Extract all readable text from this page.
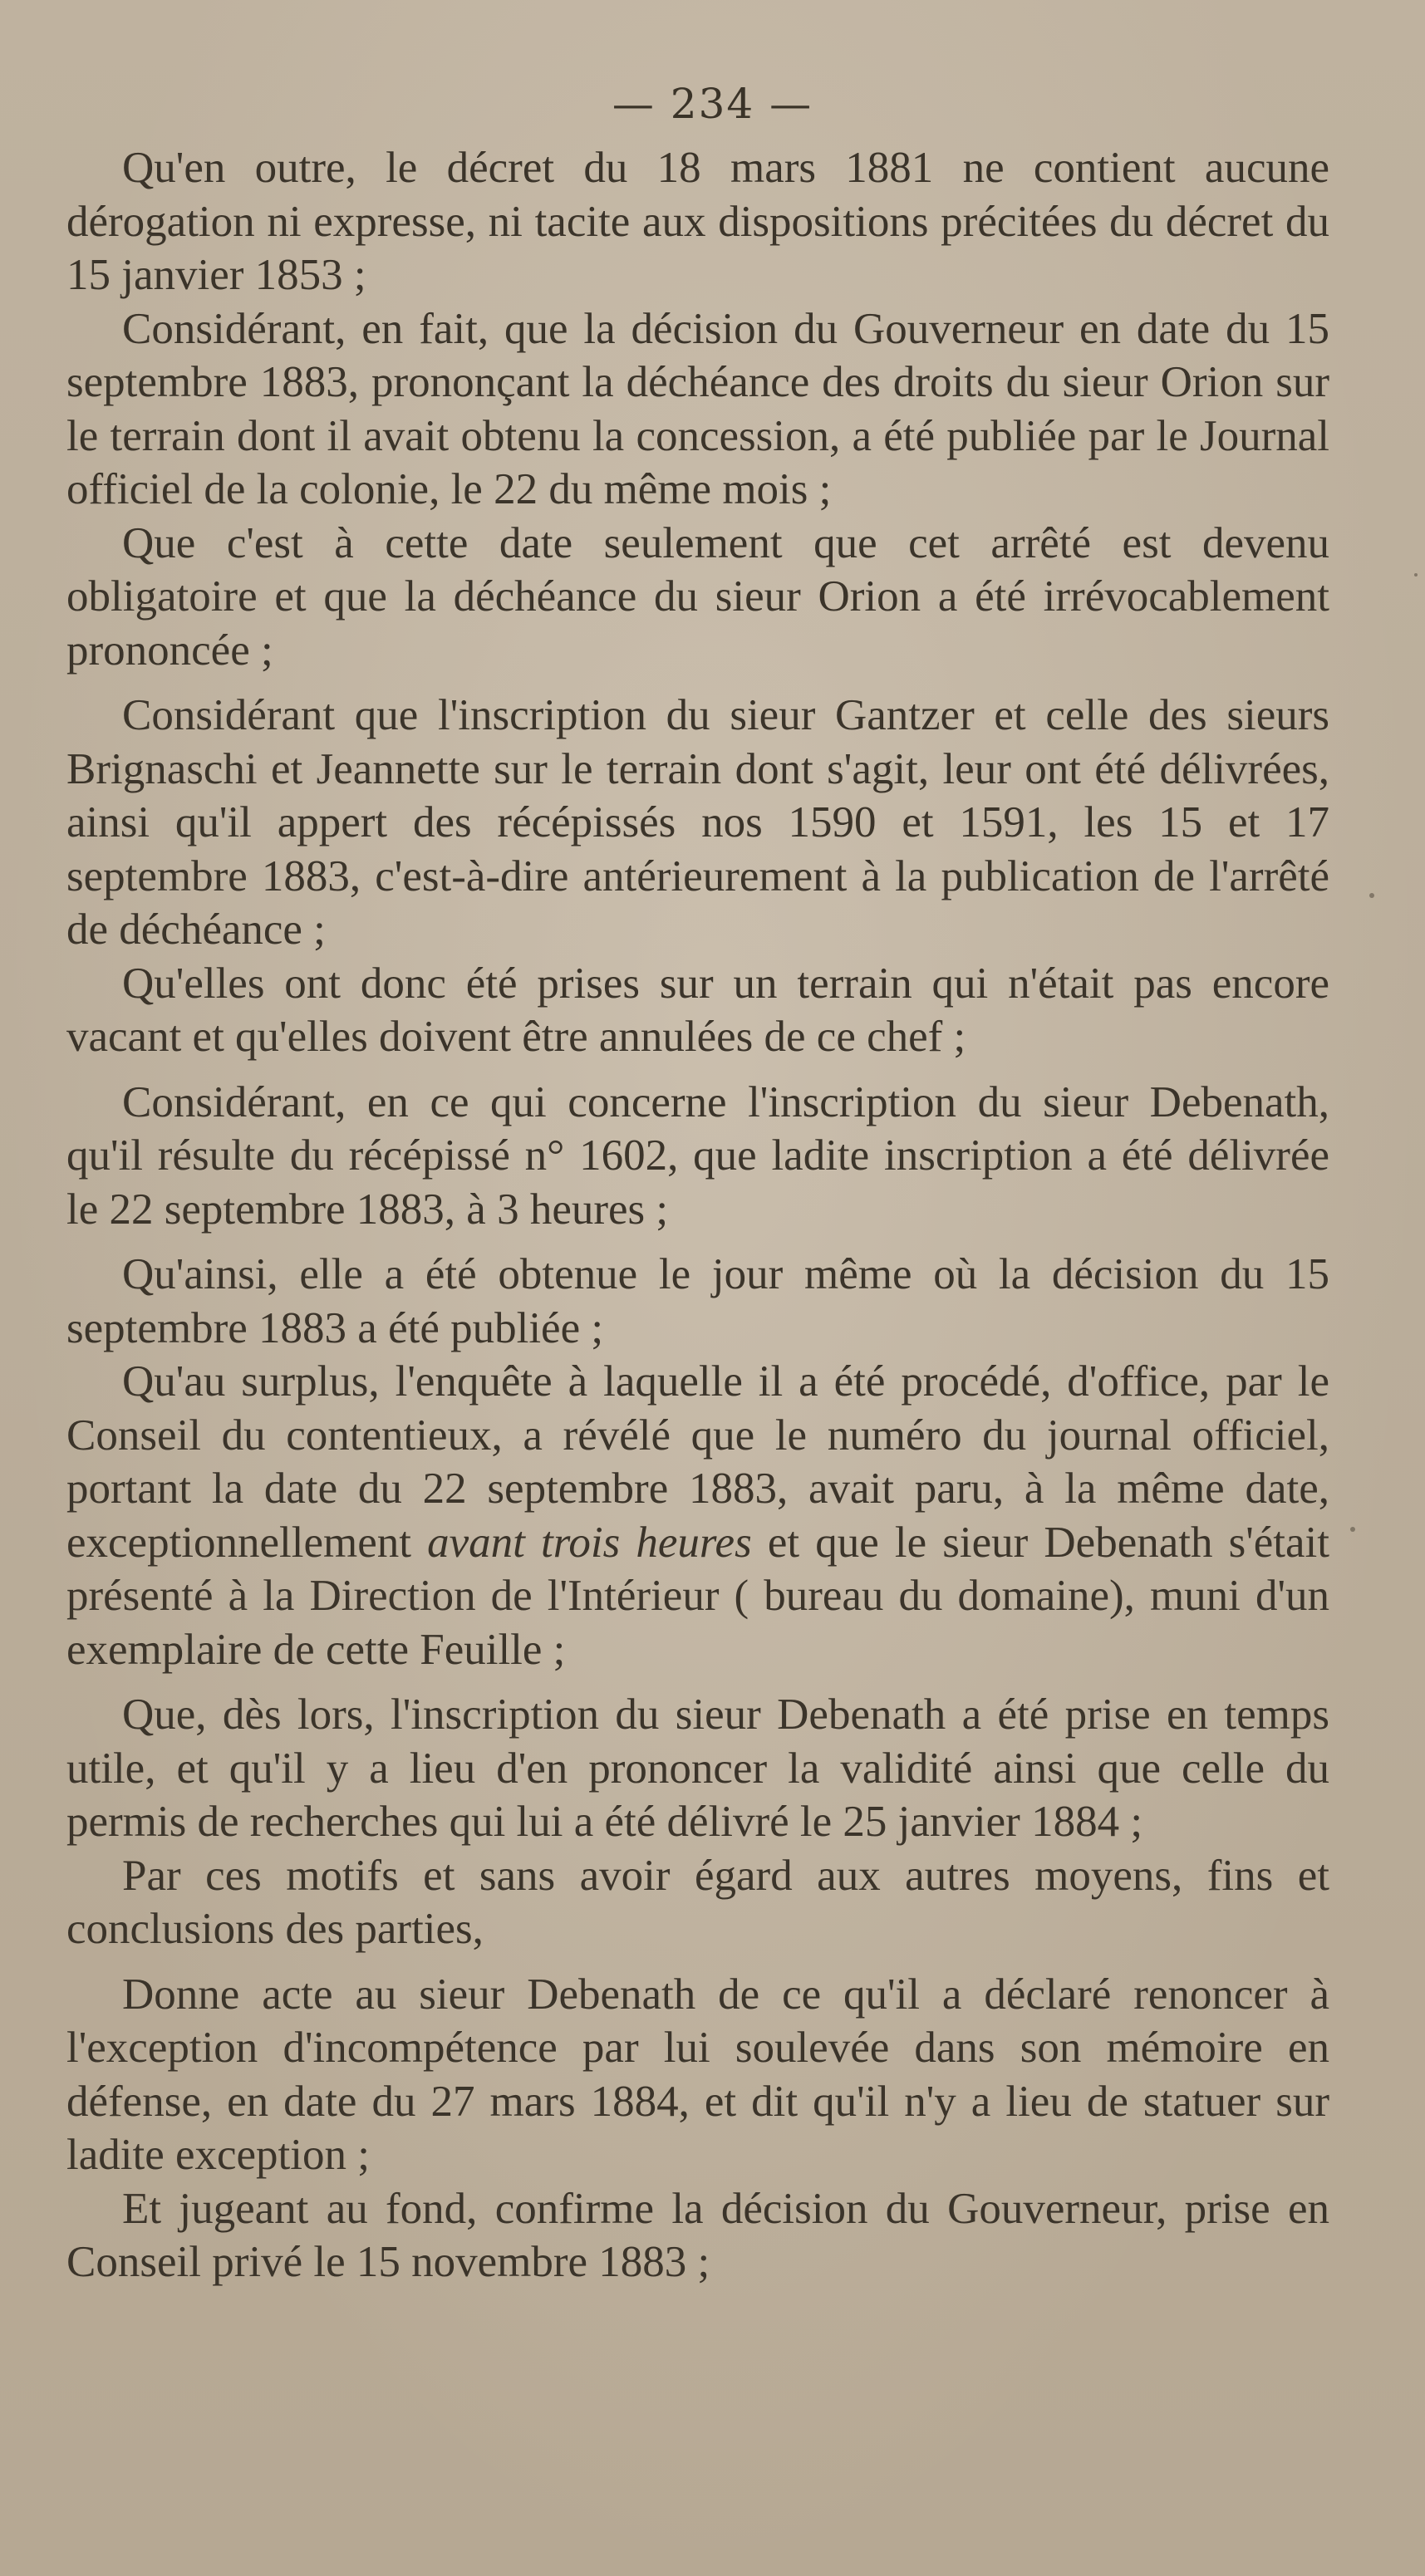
— 234 —

Qu'en outre, le décret du 18 mars 1881 ne contient aucune dérogation ni expresse, ni tacite aux dispositions précitées du décret du 15 janvier 1853 ;

Considérant, en fait, que la décision du Gouverneur en date du 15 septembre 1883, prononçant la déchéance des droits du sieur Orion sur le terrain dont il avait obtenu la concession, a été publiée par le Journal officiel de la colonie, le 22 du même mois ;

Que c'est à cette date seulement que cet arrêté est devenu obligatoire et que la déchéance du sieur Orion a été irrévocablement prononcée ;

Considérant que l'inscription du sieur Gantzer et celle des sieurs Brignaschi et Jeannette sur le terrain dont s'agit, leur ont été délivrées, ainsi qu'il appert des récépissés nos 1590 et 1591, les 15 et 17 septembre 1883, c'est-à-dire antérieurement à la publication de l'arrêté de déchéance ;

Qu'elles ont donc été prises sur un terrain qui n'était pas encore vacant et qu'elles doivent être annulées de ce chef ;

Considérant, en ce qui concerne l'inscription du sieur Debenath, qu'il résulte du récépissé n° 1602, que ladite inscription a été délivrée le 22 septembre 1883, à 3 heures ;

Qu'ainsi, elle a été obtenue le jour même où la décision du 15 septembre 1883 a été publiée ;

Qu'au surplus, l'enquête à laquelle il a été procédé, d'office, par le Conseil du contentieux, a révélé que le numéro du journal officiel, portant la date du 22 septembre 1883, avait paru, à la même date, exceptionnellement avant trois heures et que le sieur Debenath s'était présenté à la Direction de l'Intérieur ( bureau du domaine), muni d'un exemplaire de cette Feuille ;

Que, dès lors, l'inscription du sieur Debenath a été prise en temps utile, et qu'il y a lieu d'en prononcer la validité ainsi que celle du permis de recherches qui lui a été délivré le 25 janvier 1884 ;

Par ces motifs et sans avoir égard aux autres moyens, fins et conclusions des parties,

Donne acte au sieur Debenath de ce qu'il a déclaré renoncer à l'exception d'incompétence par lui soulevée dans son mémoire en défense, en date du 27 mars 1884, et dit qu'il n'y a lieu de statuer sur ladite exception ;

Et jugeant au fond, confirme la décision du Gouverneur, prise en Conseil privé le 15 novembre 1883 ;
